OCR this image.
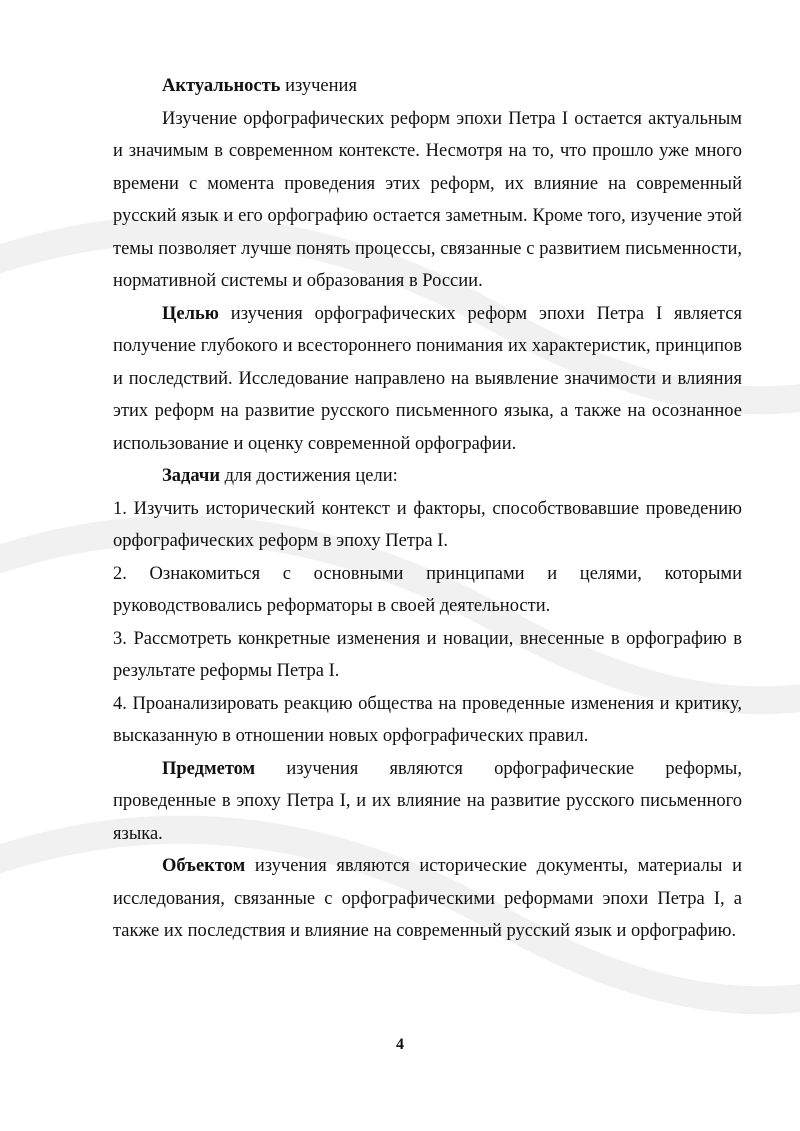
Актуальность изучения

Изучение орфографических реформ эпохи Петра I остается актуальным и значимым в современном контексте. Несмотря на то, что прошло уже много времени с момента проведения этих реформ, их влияние на современный русский язык и его орфографию остается заметным. Кроме того, изучение этой темы позволяет лучше понять процессы, связанные с развитием письменности, нормативной системы и образования в России.

Целью изучения орфографических реформ эпохи Петра I является получение глубокого и всестороннего понимания их характеристик, принципов и последствий. Исследование направлено на выявление значимости и влияния этих реформ на развитие русского письменного языка, а также на осознанное использование и оценку современной орфографии.

Задачи для достижения цели:

1. Изучить исторический контекст и факторы, способствовавшие проведению орфографических реформ в эпоху Петра I.

2. Ознакомиться с основными принципами и целями, которыми руководствовались реформаторы в своей деятельности.

3. Рассмотреть конкретные изменения и новации, внесенные в орфографию в результате реформы Петра I.

4. Проанализировать реакцию общества на проведенные изменения и критику, высказанную в отношении новых орфографических правил.

Предметом изучения являются орфографические реформы, проведенные в эпоху Петра I, и их влияние на развитие русского письменного языка.

Объектом изучения являются исторические документы, материалы и исследования, связанные с орфографическими реформами эпохи Петра I, а также их последствия и влияние на современный русский язык и орфографию.

4
